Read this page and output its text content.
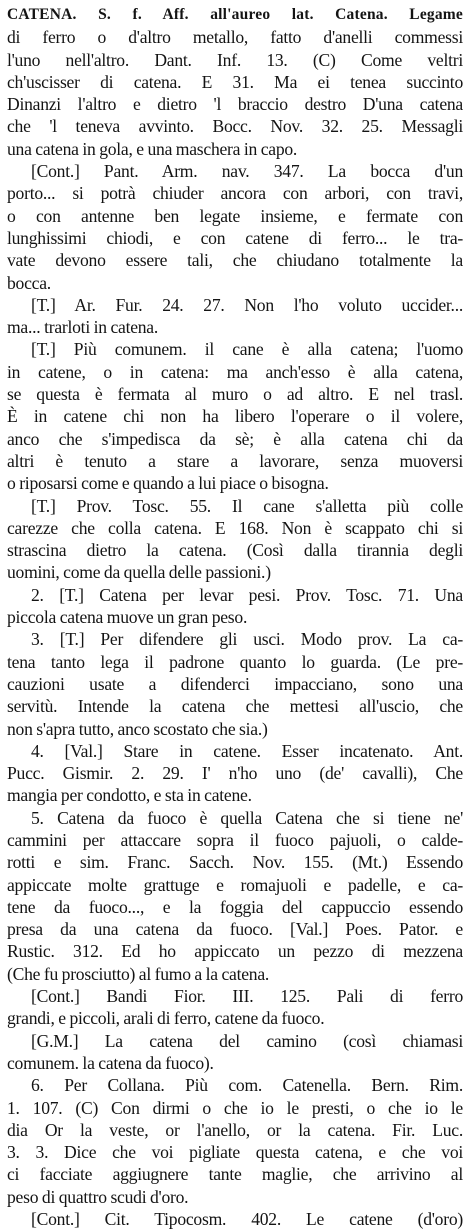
CATENA. S. f. Aff. all'aureo lat. Catena. Legame
di ferro o d'altro metallo, fatto d'anelli commessi
l'uno nell'altro. Dant. Inf. 13. (C) Come veltri
ch'uscisser di catena. E 31. Ma ei tenea succinto
Dinanzi l'altro e dietro 'l braccio destro D'una catena
che 'l teneva avvinto. Bocc. Nov. 32. 25. Messagli
una catena in gola, e una maschera in capo.
[Cont.] Pant. Arm. nav. 347. La bocca d'un
porto... si potrà chiuder ancora con arbori, con travi,
o con antenne ben legate insieme, e fermate con
lunghissimi chiodi, e con catene di ferro... le tra-
vate devono essere tali, che chiudano totalmente la
bocca.
[T.] Ar. Fur. 24. 27. Non l'ho voluto uccider...
ma... trarloti in catena.
[T.] Più comunem. il cane è alla catena; l'uomo
in catene, o in catena: ma anch'esso è alla catena,
se questa è fermata al muro o ad altro. E nel trasl.
È in catene chi non ha libero l'operare o il volere,
anco che s'impedisca da sè; è alla catena chi da
altri è tenuto a stare a lavorare, senza muoversi
o riposarsi come e quando a lui piace o bisogna.
[T.] Prov. Tosc. 55. Il cane s'alletta più colle
carezze che colla catena. E 168. Non è scappato chi si
strascina dietro la catena. (Così dalla tirannia degli
uomini, come da quella delle passioni.)
2. [T.] Catena per levar pesi. Prov. Tosc. 71. Una
piccola catena muove un gran peso.
3. [T.] Per difendere gli usci. Modo prov. La ca-
tena tanto lega il padrone quanto lo guarda. (Le pre-
cauzioni usate a difenderci impacciano, sono una
servitù. Intende la catena che mettesi all'uscio, che
non s'apra tutto, anco scostato che sia.)
4. [Val.] Stare in catene. Esser incatenato. Ant.
Pucc. Gismir. 2. 29. I' n'ho uno (de' cavalli), Che
mangia per condotto, e sta in catene.
5. Catena da fuoco è quella Catena che si tiene ne'
cammini per attaccare sopra il fuoco pajuoli, o calde-
rotti e sim. Franc. Sacch. Nov. 155. (Mt.) Essendo
appiccate molte grattuge e romajuoli e padelle, e ca-
tene da fuoco..., e la foggia del cappuccio essendo
presa da una catena da fuoco. [Val.] Poes. Pator. e
Rustic. 312. Ed ho appiccato un pezzo di mezzena
(Che fu prosciutto) al fumo a la catena.
[Cont.] Bandi Fior. III. 125. Pali di ferro
grandi, e piccoli, arali di ferro, catene da fuoco.
[G.M.] La catena del camino (così chiamasi
comunem. la catena da fuoco).
6. Per Collana. Più com. Catenella. Bern. Rim.
1. 107. (C) Con dirmi o che io le presti, o che io le
dia Or la veste, or l'anello, or la catena. Fir. Luc.
3. 3. Dice che voi pigliate questa catena, e che voi
ci facciate aggiugnere tante maglie, che arrivino al
peso di quattro scudi d'oro.
[Cont.] Cit. Tipocosm. 402. Le catene (d'oro)
